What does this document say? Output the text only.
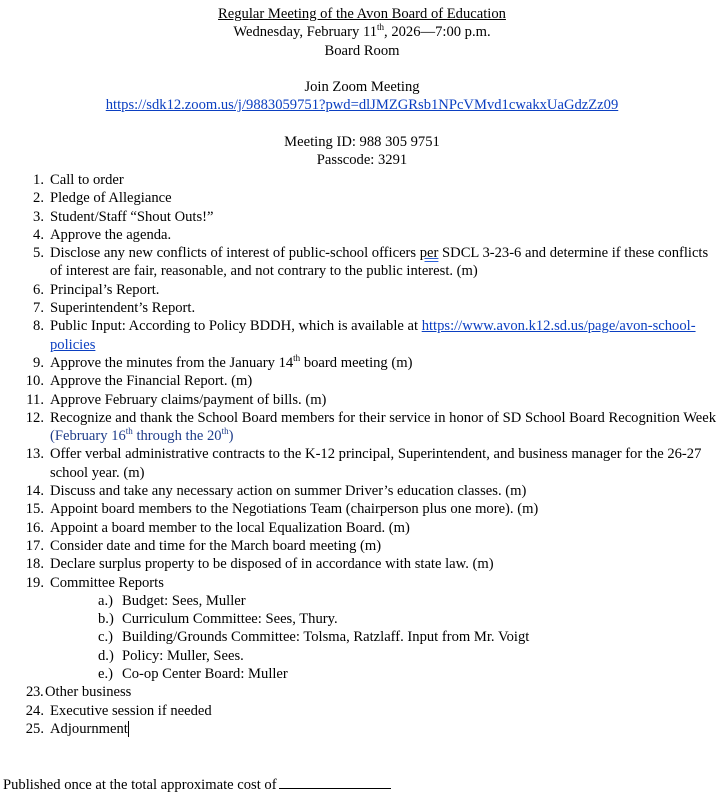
Regular Meeting of the Avon Board of Education
Wednesday, February 11th, 2026—7:00 p.m.
Board Room
Join Zoom Meeting
https://sdk12.zoom.us/j/9883059751?pwd=dlJMZGRsb1NPcVMvd1cwakxUaGdzZz09
Meeting ID: 988 305 9751
Passcode: 3291
1. Call to order
2. Pledge of Allegiance
3. Student/Staff “Shout Outs!”
4. Approve the agenda.
5. Disclose any new conflicts of interest of public-school officers per SDCL 3-23-6 and determine if these conflicts of interest are fair, reasonable, and not contrary to the public interest. (m)
6. Principal’s Report.
7. Superintendent’s Report.
8. Public Input: According to Policy BDDH, which is available at https://www.avon.k12.sd.us/page/avon-school-policies
9. Approve the minutes from the January 14th board meeting (m)
10. Approve the Financial Report. (m)
11. Approve February claims/payment of bills. (m)
12. Recognize and thank the School Board members for their service in honor of SD School Board Recognition Week (February 16th through the 20th)
13. Offer verbal administrative contracts to the K-12 principal, Superintendent, and business manager for the 26-27 school year. (m)
14. Discuss and take any necessary action on summer Driver’s education classes. (m)
15. Appoint board members to the Negotiations Team (chairperson plus one more). (m)
16. Appoint a board member to the local Equalization Board. (m)
17. Consider date and time for the March board meeting (m)
18. Declare surplus property to be disposed of in accordance with state law. (m)
19. Committee Reports
a.) Budget: Sees, Muller
b.) Curriculum Committee: Sees, Thury.
c.) Building/Grounds Committee: Tolsma, Ratzlaff. Input from Mr. Voigt
d.) Policy: Muller, Sees.
e.) Co-op Center Board: Muller
23. Other business
24. Executive session if needed
25. Adjournment
Published once at the total approximate cost of
